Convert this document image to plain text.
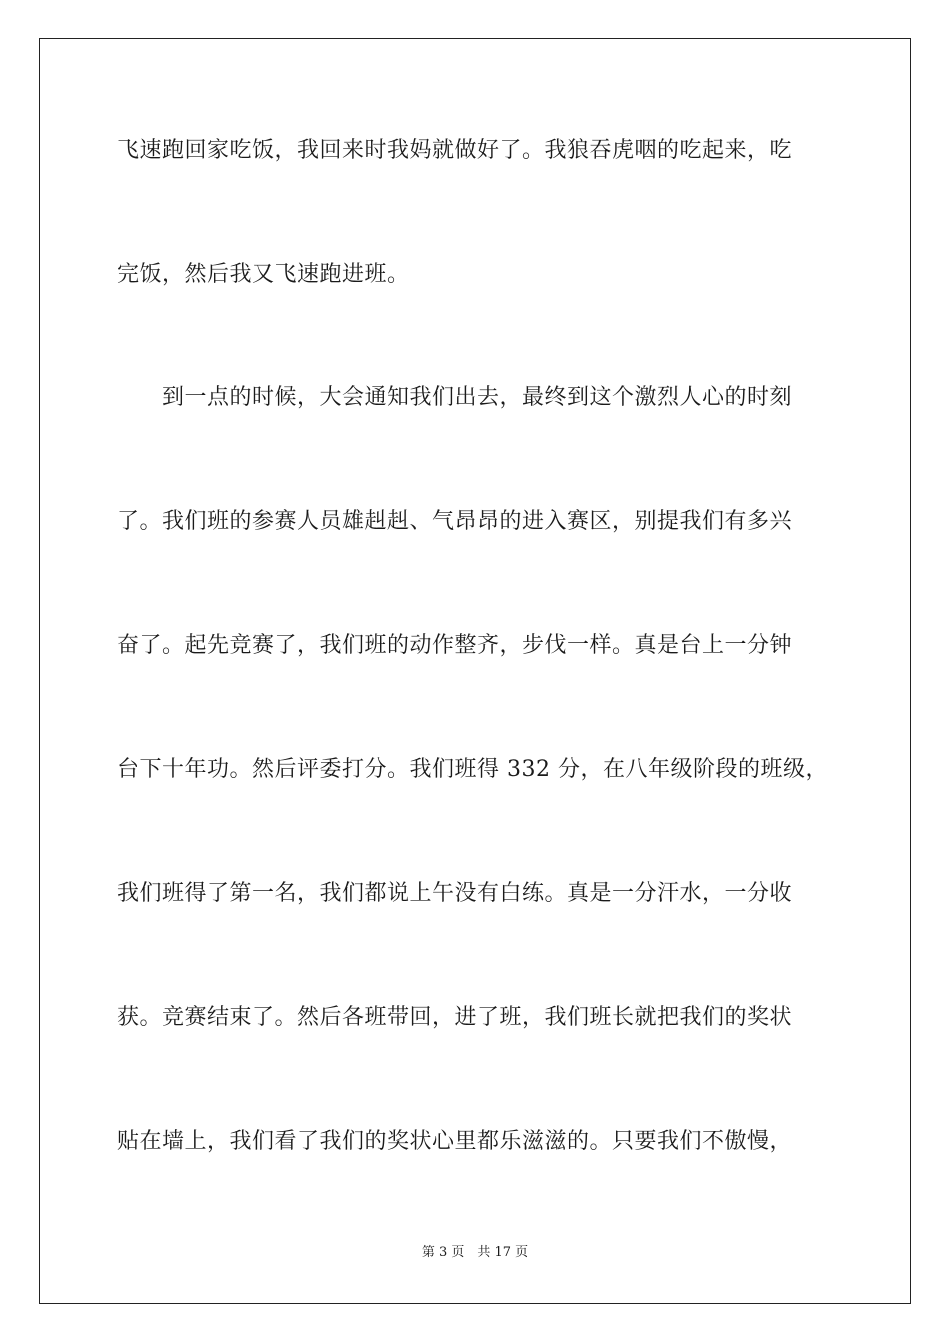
飞速跑回家吃饭，我回来时我妈就做好了。我狼吞虎咽的吃起来，吃
完饭，然后我又飞速跑进班。
　　到一点的时候，大会通知我们出去，最终到这个激烈人心的时刻
了。我们班的参赛人员雄赳赳、气昂昂的进入赛区，别提我们有多兴
奋了。起先竞赛了，我们班的动作整齐，步伐一样。真是台上一分钟
台下十年功。然后评委打分。我们班得 332 分，在八年级阶段的班级，
我们班得了第一名，我们都说上午没有白练。真是一分汗水，一分收
获。竞赛结束了。然后各班带回，进了班，我们班长就把我们的奖状
贴在墙上，我们看了我们的奖状心里都乐滋滋的。只要我们不傲慢，
第 3 页　共 17 页
